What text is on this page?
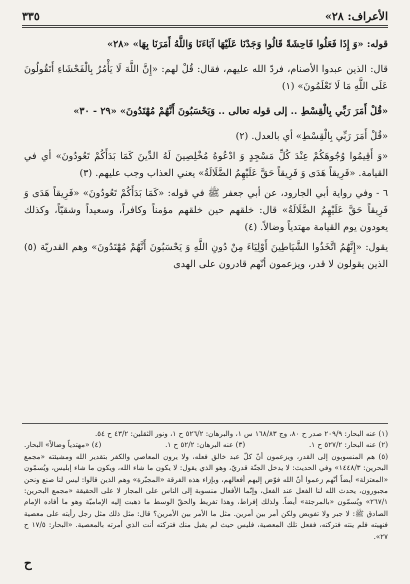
الأعراف: ٢٨»
٣٣٥

قوله: «وَ إِذَا فَعَلُوا فَاحِشَةً قَالُوا وَجَدْنَا عَلَيْهَا آبَاءَنَا وَاللَّهُ أَمَرَنَا بِهَا» «٢٨»

قال: الذين عبدوا الأصنام، فردّ الله عليهم، فقال: قُلْ لهم: «إِنَّ اللَّهَ لَا يَأْمُرُ بِالْفَحْشَاءِ أَتَقُولُونَ عَلَى اللَّهِ مَا لَا تَعْلَمُونَ» (١)

«قُلْ أَمَرَ رَبِّي بِالْقِسْطِ .. إلى قوله تعالى .. وَيَحْسَبُونَ أَنَّهُمْ مُهْتَدُونَ» «٢٩ - ٣٠»

«قُلْ أَمَرَ رَبِّي بِالْقِسْطِ» أي بالعدل. (٢)

«وَ أَقِيمُوا وُجُوهَكُمْ عِنْدَ كُلِّ مَسْجِدٍ وَ ادْعُوهُ مُخْلِصِينَ لَهُ الدِّينَ كَمَا بَدَأَكُمْ تَعُودُونَ» أي في القيامة. «فَرِيقاً هَدَى وَ فَرِيقاً حَقَّ عَلَيْهِمُ الضَّلَالَةُ» يعني العذاب وجب عليهم. (٣)

٦ - وفي رواية أبي الجارود، عن أبي جعفر ﷺ في قوله: «كَمَا بَدَأَكُمْ تَعُودُونَ» «فَرِيقاً هَدَى وَ فَرِيقاً حَقَّ عَلَيْهِمُ الضَّلَالَةُ» قال: خلقهم حين خلقهم مؤمناً وكافراً، وسعيداً وشقيّاً، وكذلك يعودون يوم القيامة مهتدياً وضالاً. (٤)

يقول: «إِنَّهُمُ اتَّخَذُوا الشَّيَاطِينَ أَوْلِيَاءَ مِنْ دُونِ اللَّهِ وَ يَحْسَبُونَ أَنَّهُمْ مُهْتَدُونَ» وهم القدريّة (٥) الذين يقولون لا قدر، ويزعمون أنّهم قادرون على الهدى

(١) عنه البحار: ٢٠٩/٩ صدر ح ٨٠، وج ١٦٨/٨٣ س ١، والبرهان: ٥٢٦/٢ ح ١، ونور الثقلين: ٤٣/٢ ح ٥٤.
(٢) عنه البحار: ٥٢٧/٢ ح ١.
(٣) عنه البرهان: ٥٢/٢ ح ١.
(٤) «مهتدياً وضالاً» البحار.
(٥) هم المنسوبون إلى القدر، ويزعمون أنّ كلّ عبد خالق فعله، ولا يرون المعاصي والكفر بتقدير الله ومشيئته «مجمع البحرين: ١٤٤٨/٣» وفي الحديث: لا يدخل الجنّة قدريّ، وهو الذي يقول: لا يكون ما شاء الله، ويكون ما شاء إبليس، ويُسمّون «المعتزلة» أيضاً أنّهم زعموا أنّ الله فوّض إليهم أفعالهم، وبإزاء هذه الفرقة «المجبّرة» وهم الذين قالوا: ليس لنا صنع ونحن مجبورون، يحدث الله لنا الفعل عند الفعل، وإنّما الأفعال منسوبة إلى الناس على المجاز لا على الحقيقة «مجمع البحرين: ٢٦٧/١» ويُسمّون «بالمرجئة» أيضاً. ولذلك إفراط، وهذا تفريط والحقّ الوسط ما ذهبت إليه الإماميّة وهو ما أفاده الإمام الصادق ﷺ: لا جبر ولا تفويض ولكن أمر بين أمرين. مثل ما الأمر بين الأمرين؟ قال: مثل ذلك مثل رجل رأيته على معصية فنهيته فلم ينته فتركته، ففعل تلك المعصية، فليس حيث لم يقبل منك فتركته أنت الذي أمرته بالمعصية. «البحار: ١٧/٥ ح ٢٧».
ح
